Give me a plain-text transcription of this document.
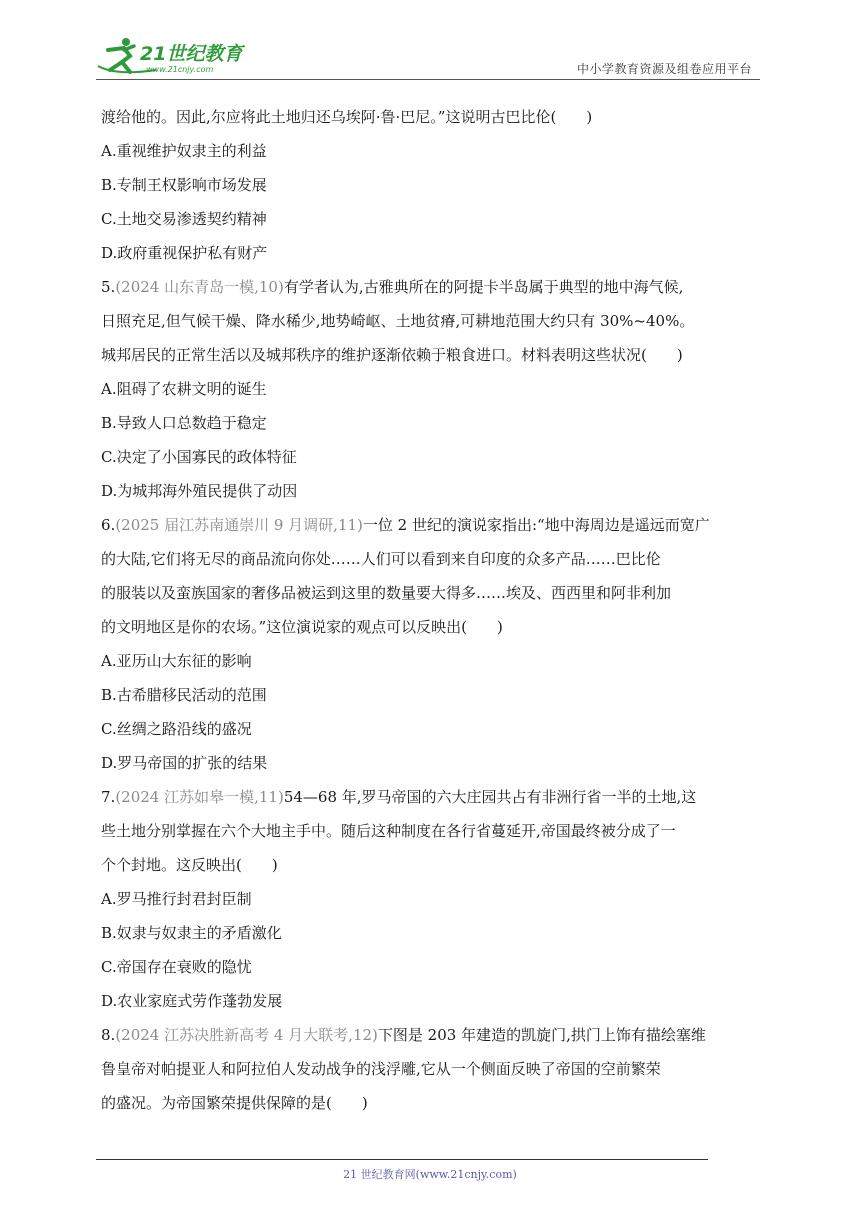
21世纪教育
www.21cnjy.com	中小学教育资源及组卷应用平台
渡给他的。因此,尔应将此土地归还乌埃阿·鲁·巴尼。”这说明古巴比伦( )
A.重视维护奴隶主的利益
B.专制王权影响市场发展
C.土地交易渗透契约精神
D.政府重视保护私有财产
5.(2024 山东青岛一模,10)有学者认为,古雅典所在的阿提卡半岛属于典型的地中海气候,
日照充足,但气候干燥、降水稀少,地势崎岖、土地贫瘠,可耕地范围大约只有 30%~40%。
城邦居民的正常生活以及城邦秩序的维护逐渐依赖于粮食进口。材料表明这些状况( )
A.阻碍了农耕文明的诞生
B.导致人口总数趋于稳定
C.决定了小国寡民的政体特征
D.为城邦海外殖民提供了动因
6.(2025 届江苏南通崇川 9 月调研,11)一位 2 世纪的演说家指出:“地中海周边是遥远而宽广
的大陆,它们将无尽的商品流向你处……人们可以看到来自印度的众多产品……巴比伦
的服装以及蛮族国家的奢侈品被运到这里的数量要大得多……埃及、西西里和阿非利加
的文明地区是你的农场。”这位演说家的观点可以反映出( )
A.亚历山大东征的影响
B.古希腊移民活动的范围
C.丝绸之路沿线的盛况
D.罗马帝国的扩张的结果
7.(2024 江苏如皋一模,11)54—68 年,罗马帝国的六大庄园共占有非洲行省一半的土地,这
些土地分别掌握在六个大地主手中。随后这种制度在各行省蔓延开,帝国最终被分成了一
个个封地。这反映出( )
A.罗马推行封君封臣制
B.奴隶与奴隶主的矛盾激化
C.帝国存在衰败的隐忧
D.农业家庭式劳作蓬勃发展
8.(2024 江苏决胜新高考 4 月大联考,12)下图是 203 年建造的凯旋门,拱门上饰有描绘塞维
鲁皇帝对帕提亚人和阿拉伯人发动战争的浅浮雕,它从一个侧面反映了帝国的空前繁荣
的盛况。为帝国繁荣提供保障的是( )
21 世纪教育网(www.21cnjy.com)
